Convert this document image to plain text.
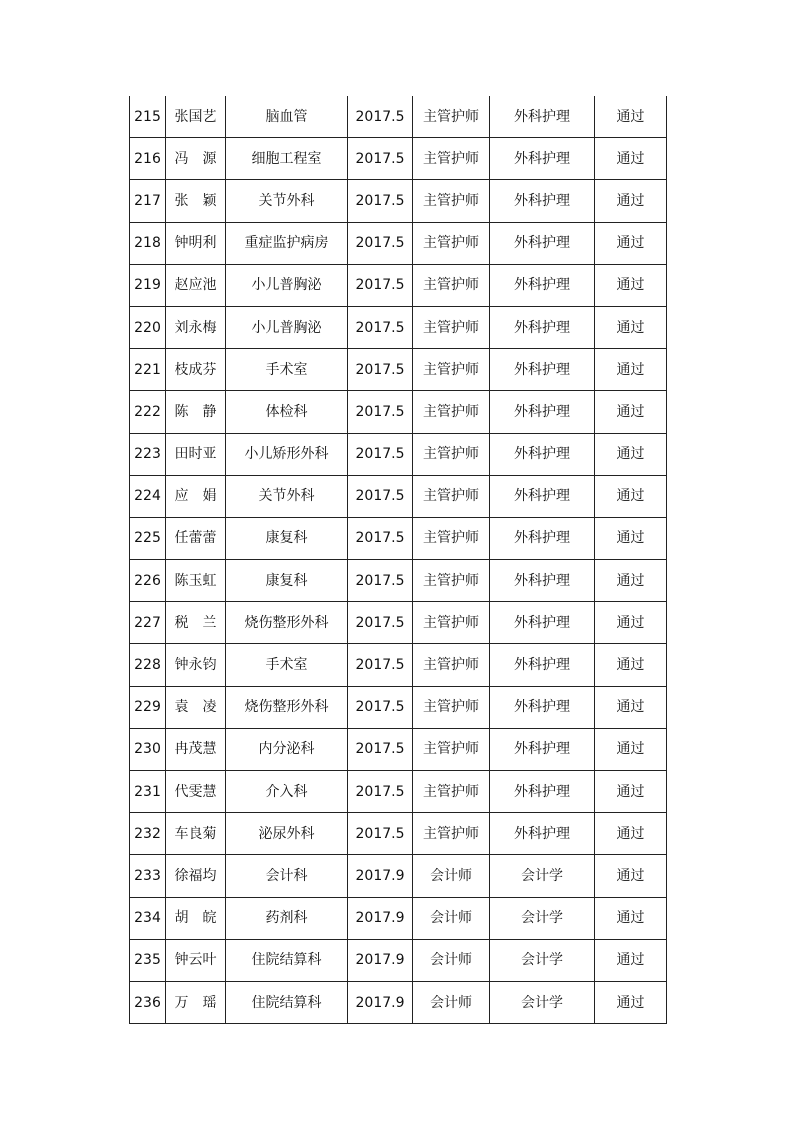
215	张国艺	脑血管	2017.5	主管护师	外科护理	通过
216	冯　源	细胞工程室	2017.5	主管护师	外科护理	通过
217	张　颖	关节外科	2017.5	主管护师	外科护理	通过
218	钟明利	重症监护病房	2017.5	主管护师	外科护理	通过
219	赵应池	小儿普胸泌	2017.5	主管护师	外科护理	通过
220	刘永梅	小儿普胸泌	2017.5	主管护师	外科护理	通过
221	枝成芬	手术室	2017.5	主管护师	外科护理	通过
222	陈　静	体检科	2017.5	主管护师	外科护理	通过
223	田时亚	小儿矫形外科	2017.5	主管护师	外科护理	通过
224	应　娟	关节外科	2017.5	主管护师	外科护理	通过
225	任蕾蕾	康复科	2017.5	主管护师	外科护理	通过
226	陈玉虹	康复科	2017.5	主管护师	外科护理	通过
227	税　兰	烧伤整形外科	2017.5	主管护师	外科护理	通过
228	钟永钧	手术室	2017.5	主管护师	外科护理	通过
229	袁　凌	烧伤整形外科	2017.5	主管护师	外科护理	通过
230	冉茂慧	内分泌科	2017.5	主管护师	外科护理	通过
231	代雯慧	介入科	2017.5	主管护师	外科护理	通过
232	车良菊	泌尿外科	2017.5	主管护师	外科护理	通过
233	徐福均	会计科	2017.9	会计师	会计学	通过
234	胡　皖	药剂科	2017.9	会计师	会计学	通过
235	钟云叶	住院结算科	2017.9	会计师	会计学	通过
236	万　瑶	住院结算科	2017.9	会计师	会计学	通过
